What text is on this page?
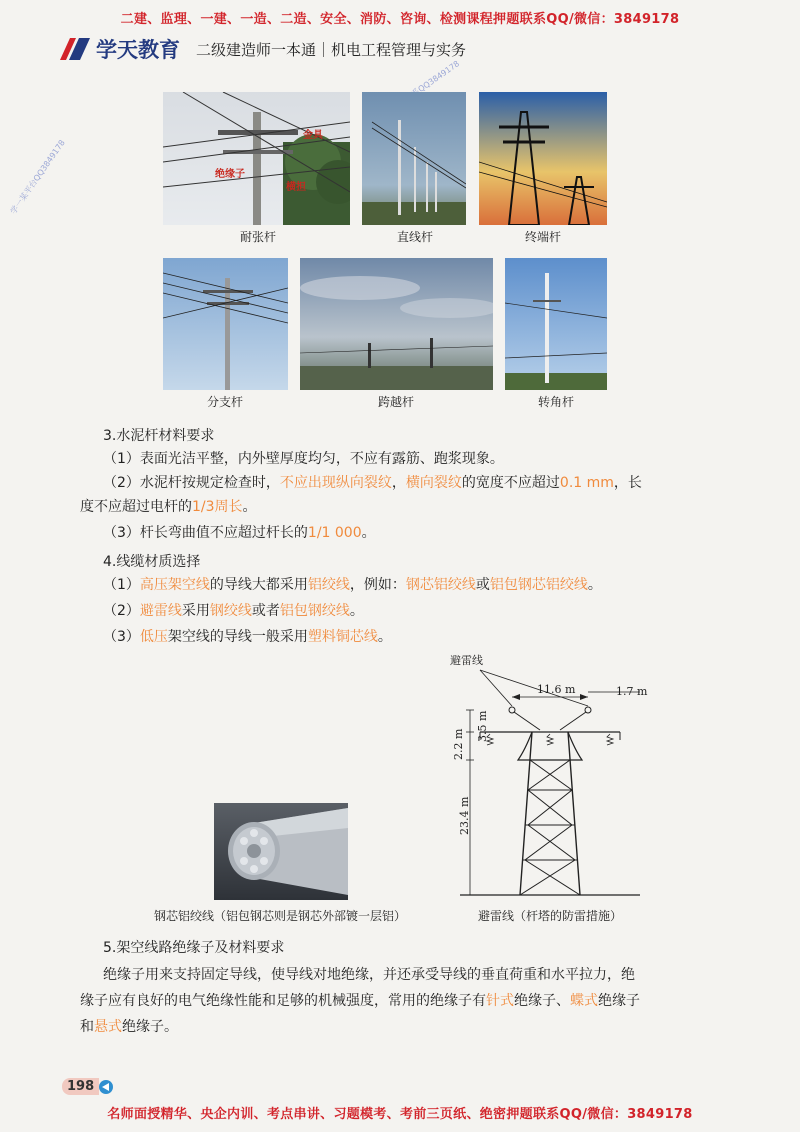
二建、监理、一建、一造、二造、安全、消防、咨询、检测课程押题联系QQ/微信：3849178
学天教育 二级建造师一本通｜机电工程管理与实务
学一某平台QQ3849178
金具
绝缘子
横担
耐张杆	直线杆	终端杆
分支杆	跨越杆	转角杆
3.水泥杆材料要求
（1）表面光洁平整，内外壁厚度均匀，不应有露筋、跑浆现象。
（2）水泥杆按规定检查时，不应出现纵向裂纹，横向裂纹的宽度不应超过0.1 mm，长
度不应超过电杆的1/3周长。
（3）杆长弯曲值不应超过杆长的1/1 000。
4.线缆材质选择
（1）高压架空线的导线大都采用铝绞线，例如：钢芯铝绞线或铝包钢芯铝绞线。
（2）避雷线采用钢绞线或者铝包钢绞线。
（3）低压架空线的导线一般采用塑料铜芯线。
钢芯铝绞线（铝包钢芯则是钢芯外部镀一层铝）
避雷线
11.6 m	1.7 m
3.5 m
2.2 m
23.4 m
避雷线（杆塔的防雷措施）
5.架空线路绝缘子及材料要求
绝缘子用来支持固定导线，使导线对地绝缘，并还承受导线的垂直荷重和水平拉力，绝
缘子应有良好的电气绝缘性能和足够的机械强度，常用的绝缘子有针式绝缘子、蝶式绝缘子
和悬式绝缘子。
198
名师面授精华、央企内训、考点串讲、习题模考、考前三页纸、绝密押题联系QQ/微信：3849178
